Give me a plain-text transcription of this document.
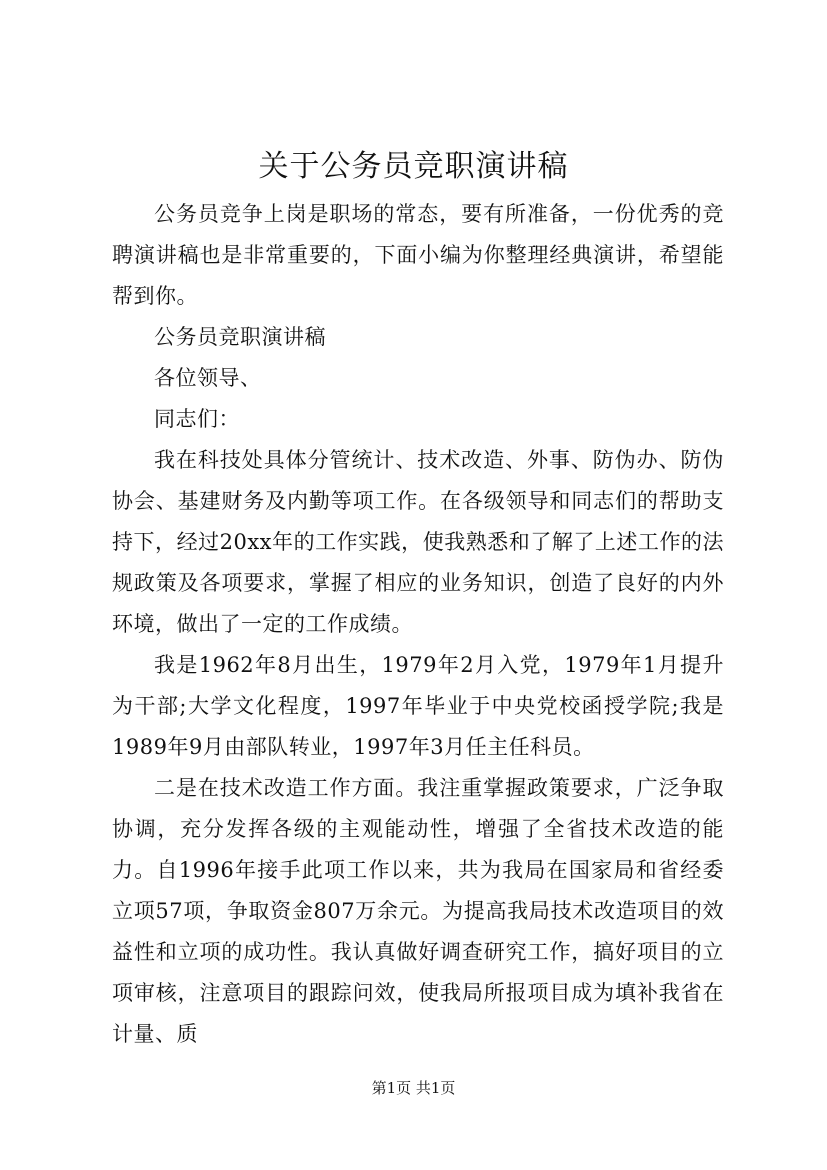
关于公务员竞职演讲稿

公务员竞争上岗是职场的常态，要有所准备，一份优秀的竞聘演讲稿也是非常重要的，下面小编为你整理经典演讲，希望能帮到你。

公务员竞职演讲稿

各位领导、

同志们：

我在科技处具体分管统计、技术改造、外事、防伪办、防伪协会、基建财务及内勤等项工作。在各级领导和同志们的帮助支持下，经过20xx年的工作实践，使我熟悉和了解了上述工作的法规政策及各项要求，掌握了相应的业务知识，创造了良好的内外环境，做出了一定的工作成绩。

我是1962年8月出生，1979年2月入党，1979年1月提升为干部;大学文化程度，1997年毕业于中央党校函授学院;我是1989年9月由部队转业，1997年3月任主任科员。

二是在技术改造工作方面。我注重掌握政策要求，广泛争取协调，充分发挥各级的主观能动性，增强了全省技术改造的能力。自1996年接手此项工作以来，共为我局在国家局和省经委立项57项，争取资金807万余元。为提高我局技术改造项目的效益性和立项的成功性。我认真做好调查研究工作，搞好项目的立项审核，注意项目的跟踪问效，使我局所报项目成为填补我省在计量、质

第1页 共1页
